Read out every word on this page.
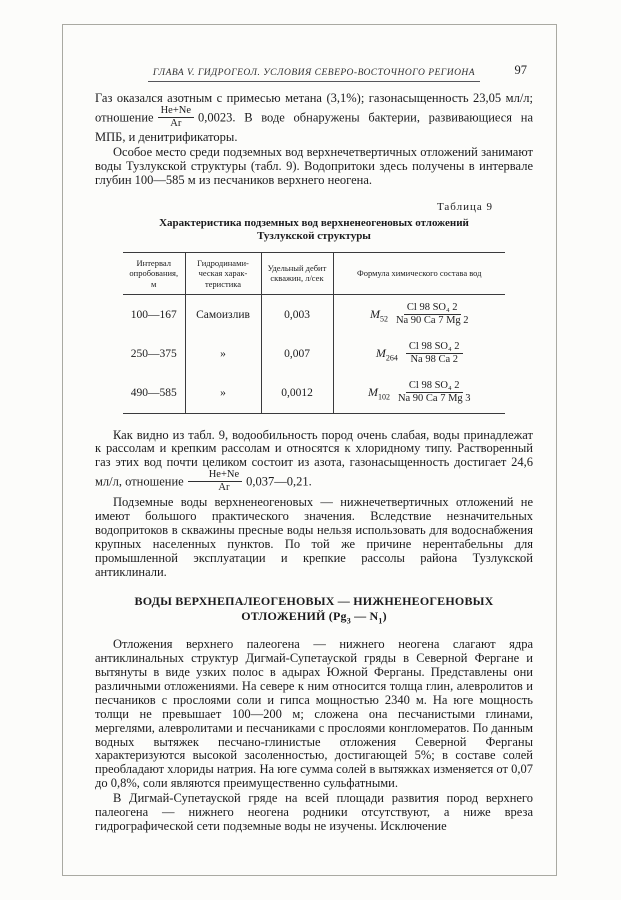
ГЛАВА V. ГИДРОГЕОЛ. УСЛОВИЯ СЕВЕРО-ВОСТОЧНОГО РЕГИОНА	97

Газ оказался азотным с примесью метана (3,1%); газонасыщенность 23,05 мл/л; отношение $\frac{He+Ne}{Ar} 0,0023$. В воде обнаружены бактерии, развивающиеся на МПБ, и денитрификаторы.

Особое место среди подземных вод верхнечетвертичных отложений занимают воды Тузлукской структуры (табл. 9). Водопритоки здесь получены в интервале глубин 100—585 м из песчаников верхнего неогена.

Таблица 9
Характеристика подземных вод верхненеогеновых отложений
Тузлукской структуры
Интервал опробования, м	Гидродинамическая характеристика	Удельный дебит скважин, л/сек	Формула химического состава вод
100—167	Самоизлив	0,003	$M_{52} \frac{\text{Cl 98 SO₄ 2}}{Na 90 Ca 7 Mg 2}$

250—375	»	0,007	$M_{264} \frac{\text{Cl 98 SO₄ 2}}{Na 98 Ca 2}$

490—585	»	0,0012	$M_{102} \frac{\text{Cl 98 SO₄ 2}}{Na 90 Ca 7 Mg 3}$

Как видно из табл. 9, водообильность пород очень слабая, воды принадлежат к рассолам и крепким рассолам и относятся к хлоридному типу. Растворенный газ этих вод почти целиком состоит из азота, газонасыщенность достигает 24,6 мл/л, отношение $\frac{He+Ne}{Ar}$ 0,037—0,21.

Подземные воды верхненеогеновых — нижнечетвертичных отложений не имеют большого практического значения. Вследствие незначительных водопритоков в скважины пресные воды нельзя использовать для водоснабжения крупных населенных пунктов. По той же причине нерентабельны для промышленной эксплуатации и крепкие рассолы района Тузлукской антиклинали.

ВОДЫ ВЕРХНЕПАЛЕОГЕНОВЫХ — НИЖНЕНЕОГЕНОВЫХ
ОТЛОЖЕНИЙ ($Pg_3$ — $N_1$)

Отложения верхнего палеогена — нижнего неогена слагают ядра антиклинальных структур Дигмай-Супетауской гряды в Северной Фергане и вытянуты в виде узких полос в адырах Южной Ферганы. Представлены они различными отложениями. На севере к ним относится толща глин, алевролитов и песчаников с прослоями соли и гипса мощностью 2340 м. На юге мощность толщи не превышает 100—200 м; сложена она песчанистыми глинами, мергелями, алевролитами и песчаниками с прослоями конгломератов. По данным водных вытяжек песчано-глинистые отложения Северной Ферганы характеризуются высокой засоленностью, достигающей 5%; в составе солей преобладают хлориды натрия. На юге сумма солей в вытяжках изменяется от 0,07 до 0,8%, соли являются преимущественно сульфатными.

В Дигмай-Супетауской гряде на всей площади развития пород верхнего палеогена — нижнего неогена родники отсутствуют, а ниже вреза гидрографической сети подземные воды не изучены. Исключение
